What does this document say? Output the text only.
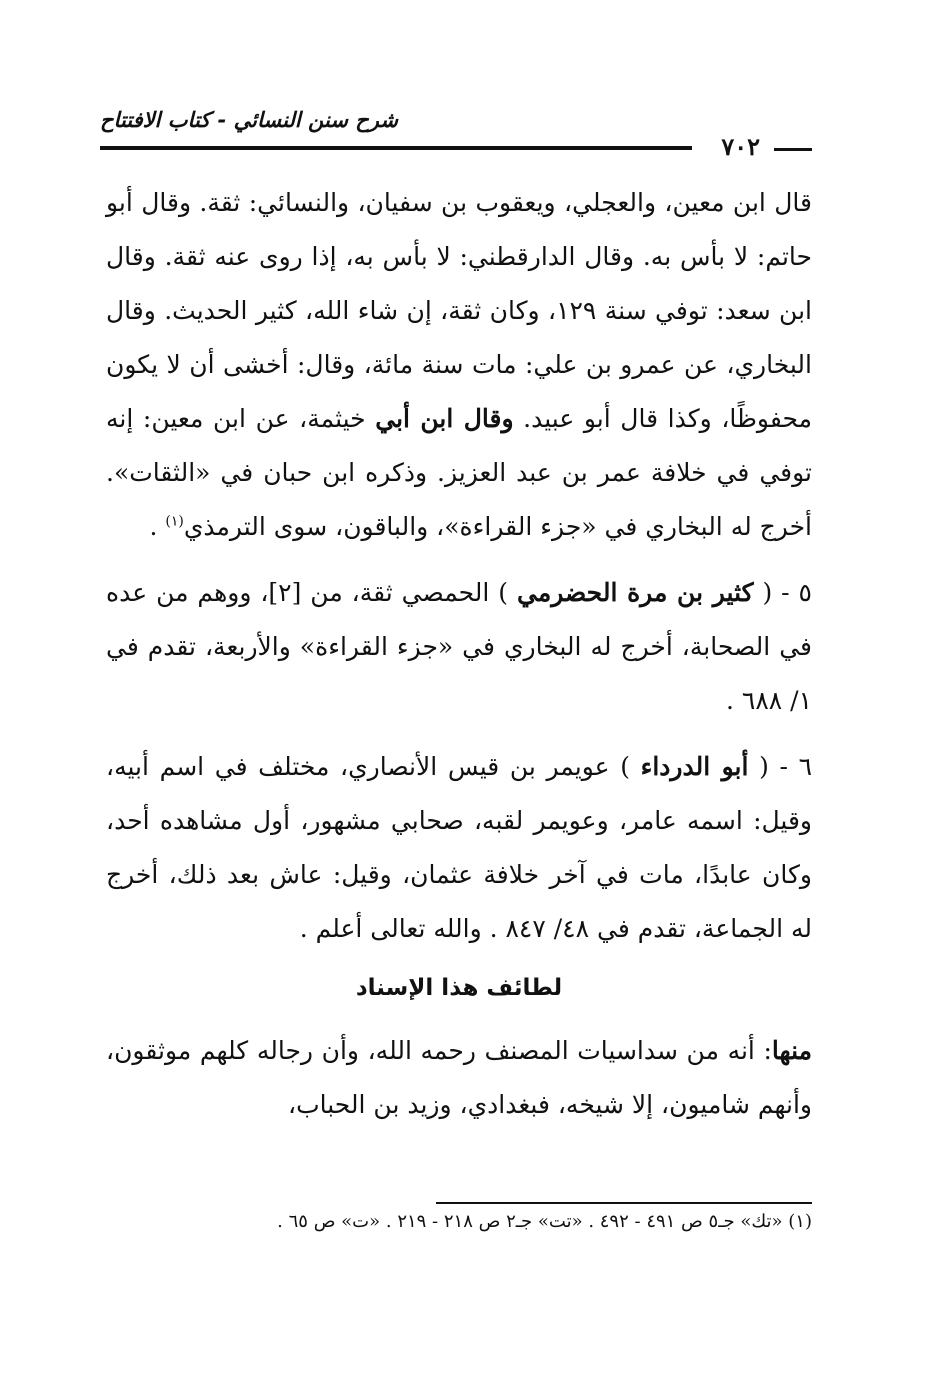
شرح سنن النسائي - كتاب الافتتاح
٧٠٢

قال ابن معين، والعجلي، ويعقوب بن سفيان، والنسائي: ثقة. وقال أبو حاتم: لا بأس به. وقال الدارقطني: لا بأس به، إذا روى عنه ثقة. وقال ابن سعد: توفي سنة ١٢٩، وكان ثقة، إن شاء الله، كثير الحديث. وقال البخاري، عن عمرو بن علي: مات سنة مائة، وقال: أخشى أن لا يكون محفوظًا، وكذا قال أبو عبيد. وقال ابن أبي خيثمة، عن ابن معين: إنه توفي في خلافة عمر بن عبد العزيز. وذكره ابن حبان في «الثقات». أخرج له البخاري في «جزء القراءة»، والباقون، سوى الترمذي$^{(١)}$ .

٥ - ( كثير بن مرة الحضرمي ) الحمصي ثقة، من [٢]، ووهم من عده في الصحابة، أخرج له البخاري في «جزء القراءة» والأربعة، تقدم في ١/ ٦٨٨ .

٦ - ( أبو الدرداء ) عويمر بن قيس الأنصاري، مختلف في اسم أبيه، وقيل: اسمه عامر، وعويمر لقبه، صحابي مشهور، أول مشاهده أحد، وكان عابدًا، مات في آخر خلافة عثمان، وقيل: عاش بعد ذلك، أخرج له الجماعة، تقدم في ٤٨/ ٨٤٧ . والله تعالى أعلم .

لطائف هذا الإسناد

منها: أنه من سداسيات المصنف رحمه الله، وأن رجاله كلهم موثقون، وأنهم شاميون، إلا شيخه، فبغدادي، وزيد بن الحباب،

(١) «تك» جـ٥ ص ٤٩١ - ٤٩٢ . «تت» جـ٢ ص ٢١٨ - ٢١٩ . «ت» ص ٦٥ .
